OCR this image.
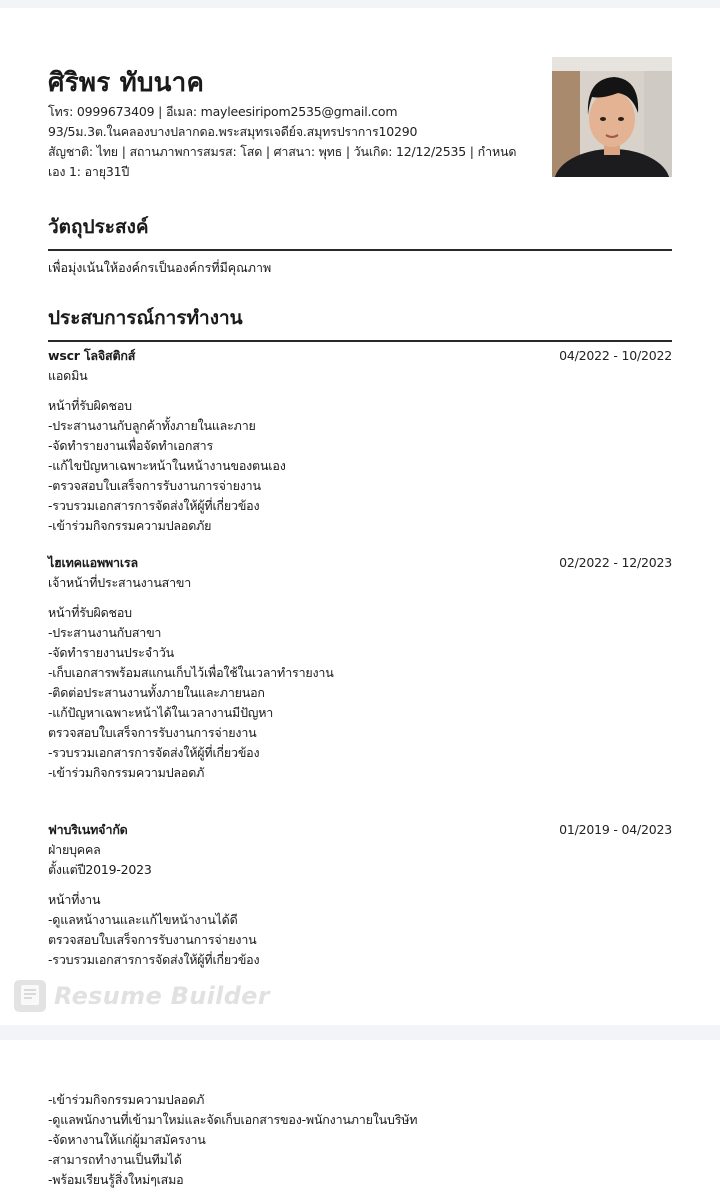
ศิริพร ทับนาค
โทร: 0999673409 | อีเมล: mayleesiripom2535@gmail.com
93/5ม.3ต.ในคลองบางปลากดอ.พระสมุทรเจดีย์จ.สมุทรปราการ10290
สัญชาติ: ไทย | สถานภาพการสมรส: โสด | ศาสนา: พุทธ | วันเกิด: 12/12/2535 | กำหนด
เอง 1: อายุ31ปี
วัตถุประสงค์
เพื่อมุ่งเน้นให้องค์กรเป็นองค์กรที่มีคุณภาพ
ประสบการณ์การทำงาน
wscr โลจิสติกส์	04/2022 - 10/2022
แอดมิน
หน้าที่รับผิดชอบ
-ประสานงานกับลูกค้าทั้งภายในและภาย
-จัดทำรายงานเพื่อจัดทำเอกสาร
-แก้ไขปัญหาเฉพาะหน้าในหน้างานของตนเอง
-ตรวจสอบใบเสร็จการรับงานการจ่ายงาน
-รวบรวมเอกสารการจัดส่งให้ผู้ที่เกี่ยวข้อง
-เข้าร่วมกิจกรรมความปลอดภัย
ไฮเทคแอพพาเรล	02/2022 - 12/2023
เจ้าหน้าที่ประสานงานสาขา
หน้าที่รับผิดชอบ
-ประสานงานกับสาขา
-จัดทำรายงานประจำวัน
-เก็บเอกสารพร้อมสแกนเก็บไว้เพื่อใช้ในเวลาทำรายงาน
-ติดต่อประสานงานทั้งภายในและภายนอก
-แก้ปัญหาเฉพาะหน้าได้ในเวลางานมีปัญหา
ตรวจสอบใบเสร็จการรับงานการจ่ายงาน
-รวบรวมเอกสารการจัดส่งให้ผู้ที่เกี่ยวข้อง
-เข้าร่วมกิจกรรมความปลอดภั
ฟาบริเนทจำกัด	01/2019 - 04/2023
ฝ่ายบุคคล
ตั้งแต่ปี2019-2023
หน้าที่งาน
-ดูแลหน้างานและแก้ไขหน้างานได้ดี
ตรวจสอบใบเสร็จการรับงานการจ่ายงาน
-รวบรวมเอกสารการจัดส่งให้ผู้ที่เกี่ยวข้อง
Resume Builder
-เข้าร่วมกิจกรรมความปลอดภั
-ดูแลพนักงานที่เข้ามาใหม่และจัดเก็บเอกสารของ-พนักงานภายในบริษัท
-จัดหางานให้แก่ผู้มาสมัครงาน
-สามารถทำงานเป็นทีมได้
-พร้อมเรียนรู้สิ่งใหม่ๆเสมอ
